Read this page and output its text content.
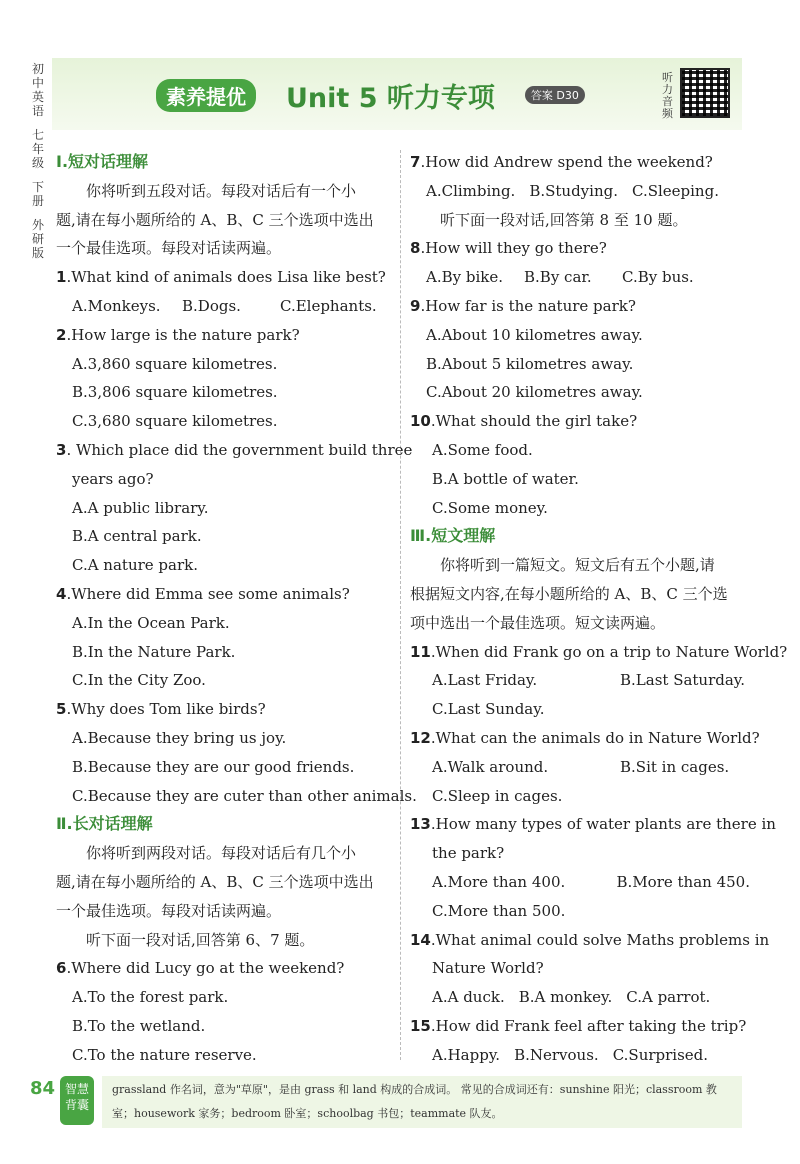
初中英语
七年级
下册
外研版
素养提优	Unit 5 听力专项	答案 D30
听力音频
Ⅰ.短对话理解
你将听到五段对话。每段对话后有一个小
题,请在每小题所给的 A、B、C 三个选项中选出
一个最佳选项。每段对话读两遍。
1.What kind of animals does Lisa like best?
A.Monkeys.	B.Dogs.	C.Elephants.
2.How large is the nature park?
A.3,860 square kilometres.
B.3,806 square kilometres.
C.3,680 square kilometres.
3. Which place did the government build three
years ago?
A.A public library.
B.A central park.
C.A nature park.
4.Where did Emma see some animals?
A.In the Ocean Park.
B.In the Nature Park.
C.In the City Zoo.
5.Why does Tom like birds?
A.Because they bring us joy.
B.Because they are our good friends.
C.Because they are cuter than other animals.
Ⅱ.长对话理解
你将听到两段对话。每段对话后有几个小
题,请在每小题所给的 A、B、C 三个选项中选出
一个最佳选项。每段对话读两遍。
听下面一段对话,回答第 6、7 题。
6.Where did Lucy go at the weekend?
A.To the forest park.
B.To the wetland.
C.To the nature reserve.
7.How did Andrew spend the weekend?
A.Climbing. B.Studying. C.Sleeping.
听下面一段对话,回答第 8 至 10 题。
8.How will they go there?
A.By bike.	B.By car.	C.By bus.
9.How far is the nature park?
A.About 10 kilometres away.
B.About 5 kilometres away.
C.About 20 kilometres away.
10.What should the girl take?
A.Some food.
B.A bottle of water.
C.Some money.
Ⅲ.短文理解
你将听到一篇短文。短文后有五个小题,请
根据短文内容,在每小题所给的 A、B、C 三个选
项中选出一个最佳选项。短文读两遍。
11.When did Frank go on a trip to Nature World?
A.Last Friday.	B.Last Saturday.
C.Last Sunday.
12.What can the animals do in Nature World?
A.Walk around.	B.Sit in cages.
C.Sleep in cages.
13.How many types of water plants are there in
the park?
A.More than 400.	B.More than 450.
C.More than 500.
14.What animal could solve Maths problems in
Nature World?
A.A duck. B.A monkey. C.A parrot.
15.How did Frank feel after taking the trip?
A.Happy. B.Nervous. C.Surprised.
84 智慧背囊
grassland 作名词，意为"草原"，是由 grass 和 land 构成的合成词。 常见的合成词还有：sunshine 阳光；classroom 教
室；housework 家务；bedroom 卧室；schoolbag 书包；teammate 队友。
